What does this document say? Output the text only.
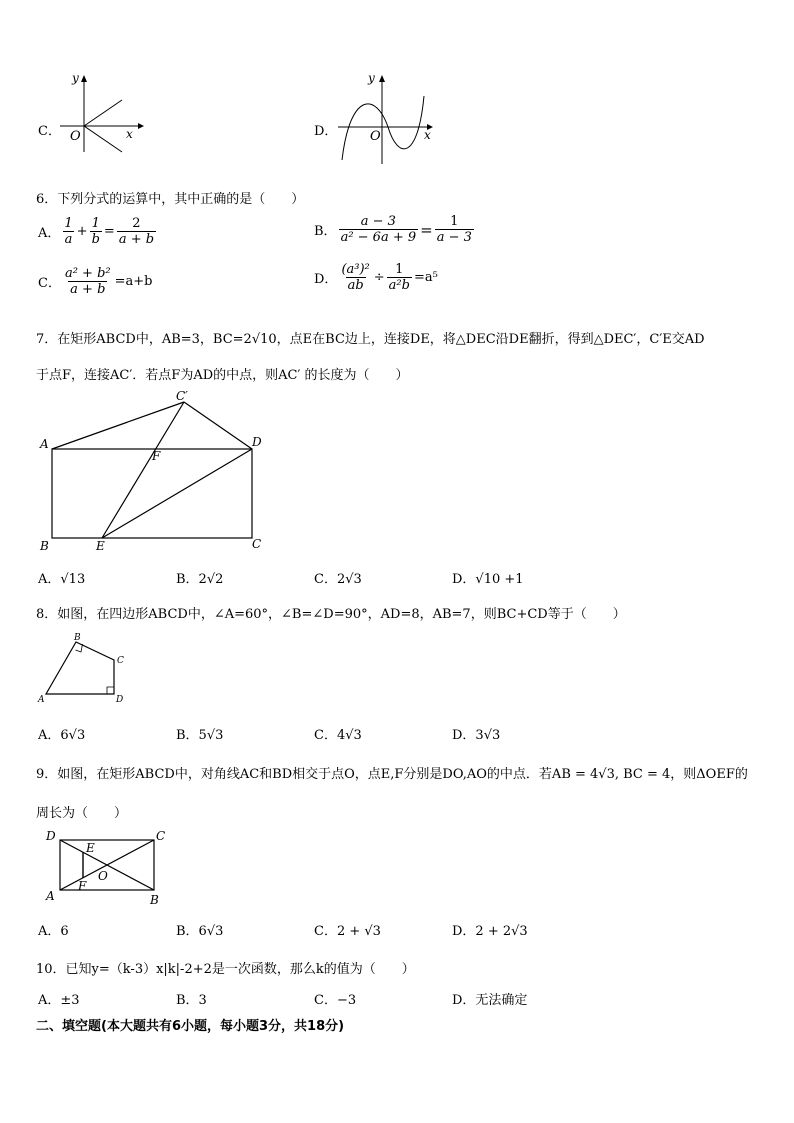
C．
y
x
O	D．
y
x
O
6．下列分式的运算中，其中正确的是（　　）
A． $\frac{1}{a} + \frac{1}{b} = \frac{2}{a + b}$	B． $\frac{a - 3}{\text{a² − 6a + 9}} = \frac{1}{a - 3}$
C． $\frac{\text{a² + b²}}{a + b} =a+b$	D． $\frac{\text{(a³)²}}{ab} \div \frac{1}{\text{a²b}} =a^5$
7．在矩形ABCD中，AB=3，BC=2√10，点E在BC边上，连接DE，将△DEC沿DE翻折，得到△DEC′，C′E交AD
于点F，连接AC′．若点F为AD的中点，则AC′ 的长度为（　　）
A
B	C
D
E
F
C′
A．√13	B．2√2	C．2√3	D．√10 +1
8．如图，在四边形ABCD中，∠A=60°，∠B=∠D=90°，AD=8，AB=7，则BC+CD等于（　　）
A
B
C
D
A．6√3	B．5√3	C．4√3	D．3√3
9．如图，在矩形ABCD中，对角线AC和BD相交于点O，点E,F分别是DO,AO的中点．若AB = 4√3, BC = 4，则ΔOEF的
周长为（　　）
D	C
A	B
E
F
O
A．6	B．6√3	C．2 + √3	D．2 + 2√3
10．已知y=（k-3）x|k|-2+2是一次函数，那么k的值为（　　）
A．±3	B．3	C．−3	D．无法确定
二、填空题(本大题共有6小题，每小题3分，共18分)
